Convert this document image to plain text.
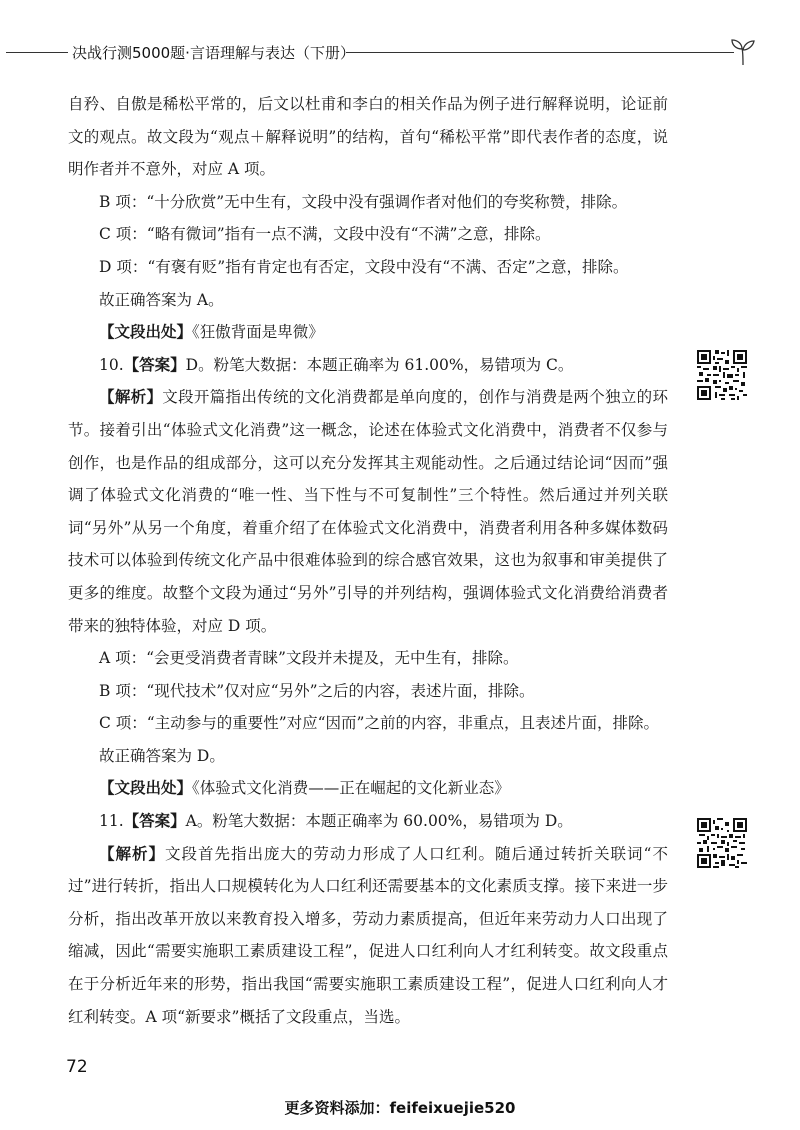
决战行测5000题·言语理解与表达（下册）

自矜、自傲是稀松平常的，后文以杜甫和李白的相关作品为例子进行解释说明，论证前文的观点。故文段为“观点＋解释说明”的结构，首句“稀松平常”即代表作者的态度，说明作者并不意外，对应 A 项。

B 项：“十分欣赏”无中生有，文段中没有强调作者对他们的夸奖称赞，排除。

C 项：“略有微词”指有一点不满，文段中没有“不满”之意，排除。

D 项：“有褒有贬”指有肯定也有否定，文段中没有“不满、否定”之意，排除。

故正确答案为 A。

【文段出处】《狂傲背面是卑微》

10.【答案】D。粉笔大数据：本题正确率为 61.00%，易错项为 C。

【解析】文段开篇指出传统的文化消费都是单向度的，创作与消费是两个独立的环节。接着引出“体验式文化消费”这一概念，论述在体验式文化消费中，消费者不仅参与创作，也是作品的组成部分，这可以充分发挥其主观能动性。之后通过结论词“因而”强调了体验式文化消费的“唯一性、当下性与不可复制性”三个特性。然后通过并列关联词“另外”从另一个角度，着重介绍了在体验式文化消费中，消费者利用各种多媒体数码技术可以体验到传统文化产品中很难体验到的综合感官效果，这也为叙事和审美提供了更多的维度。故整个文段为通过“另外”引导的并列结构，强调体验式文化消费给消费者带来的独特体验，对应 D 项。

A 项：“会更受消费者青睐”文段并未提及，无中生有，排除。

B 项：“现代技术”仅对应“另外”之后的内容，表述片面，排除。

C 项：“主动参与的重要性”对应“因而”之前的内容，非重点，且表述片面，排除。

故正确答案为 D。

【文段出处】《体验式文化消费——正在崛起的文化新业态》

11.【答案】A。粉笔大数据：本题正确率为 60.00%，易错项为 D。

【解析】文段首先指出庞大的劳动力形成了人口红利。随后通过转折关联词“不过”进行转折，指出人口规模转化为人口红利还需要基本的文化素质支撑。接下来进一步分析，指出改革开放以来教育投入增多，劳动力素质提高，但近年来劳动力人口出现了缩减，因此“需要实施职工素质建设工程”，促进人口红利向人才红利转变。故文段重点在于分析近年来的形势，指出我国“需要实施职工素质建设工程”，促进人口红利向人才红利转变。A 项“新要求”概括了文段重点，当选。

72
更多资料添加：feifeixuejie520
